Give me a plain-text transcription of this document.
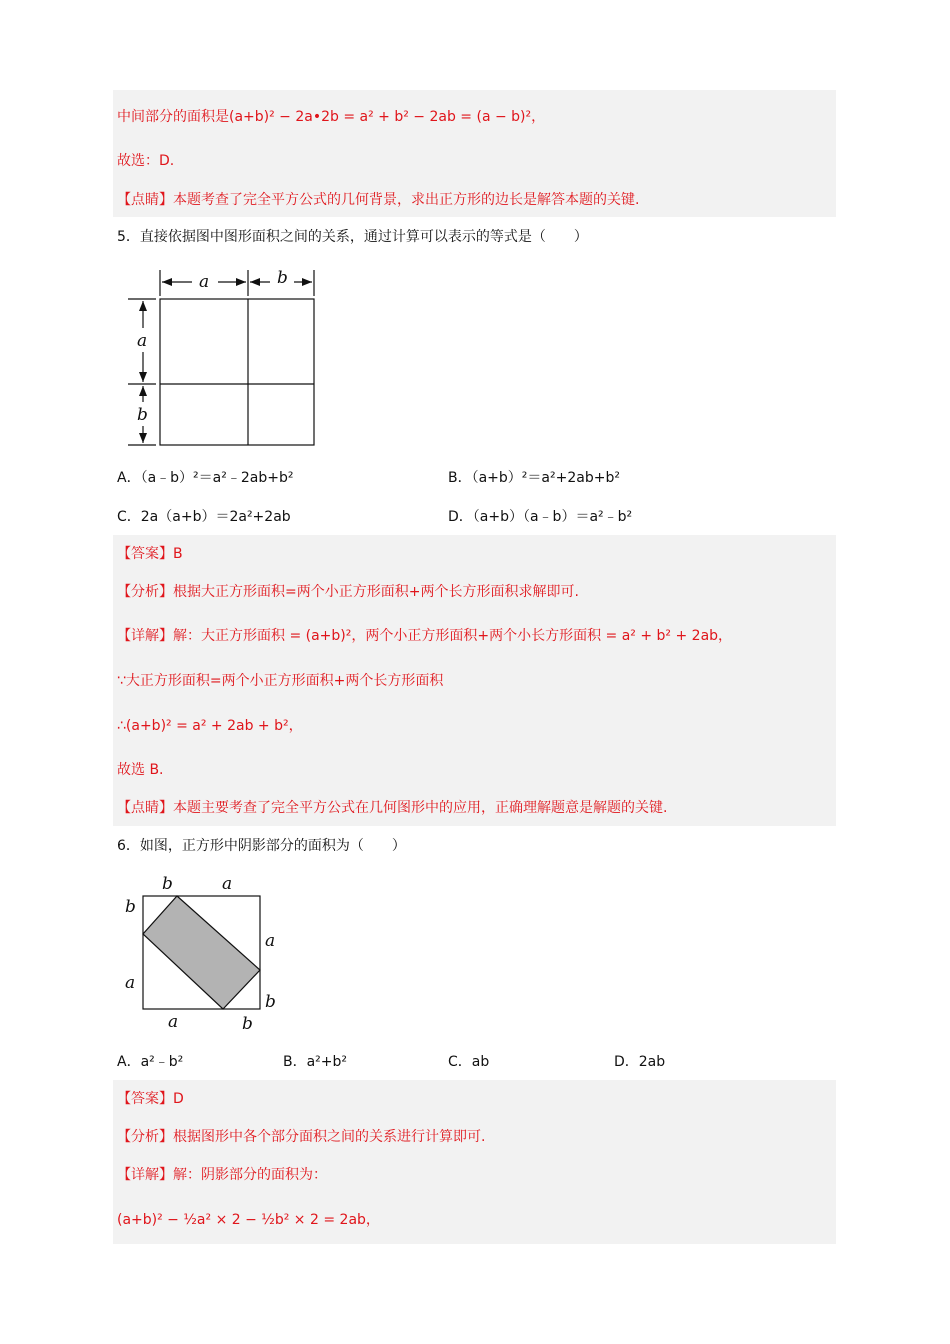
中间部分的面积是(a+b)² − 2a•2b = a² + b² − 2ab = (a − b)²，
故选：D.
【点睛】本题考查了完全平方公式的几何背景，求出正方形的边长是解答本题的关键.
5．直接依据图中图形面积之间的关系，通过计算可以表示的等式是（　　）
a	b
a
b
A．（a﹣b）²＝a²﹣2ab+b²	B．（a+b）²＝a²+2ab+b²
C．2a（a+b）＝2a²+2ab	D．（a+b）（a﹣b）＝a²﹣b²
【答案】B
【分析】根据大正方形面积=两个小正方形面积+两个长方形面积求解即可.
【详解】解：大正方形面积 = (a+b)²，两个小正方形面积+两个小长方形面积 = a² + b² + 2ab，
∵大正方形面积=两个小正方形面积+两个长方形面积
∴(a+b)² = a² + 2ab + b²，
故选 B.
【点睛】本题主要考查了完全平方公式在几何图形中的应用，正确理解题意是解题的关键.
6．如图，正方形中阴影部分的面积为（　　）
b	a
b
a
a
b
a	b
A．a²﹣b²	B．a²+b²	C．ab	D．2ab
【答案】D
【分析】根据图形中各个部分面积之间的关系进行计算即可.
【详解】解：阴影部分的面积为：
(a+b)² − ½a² × 2 − ½b² × 2 = 2ab，
